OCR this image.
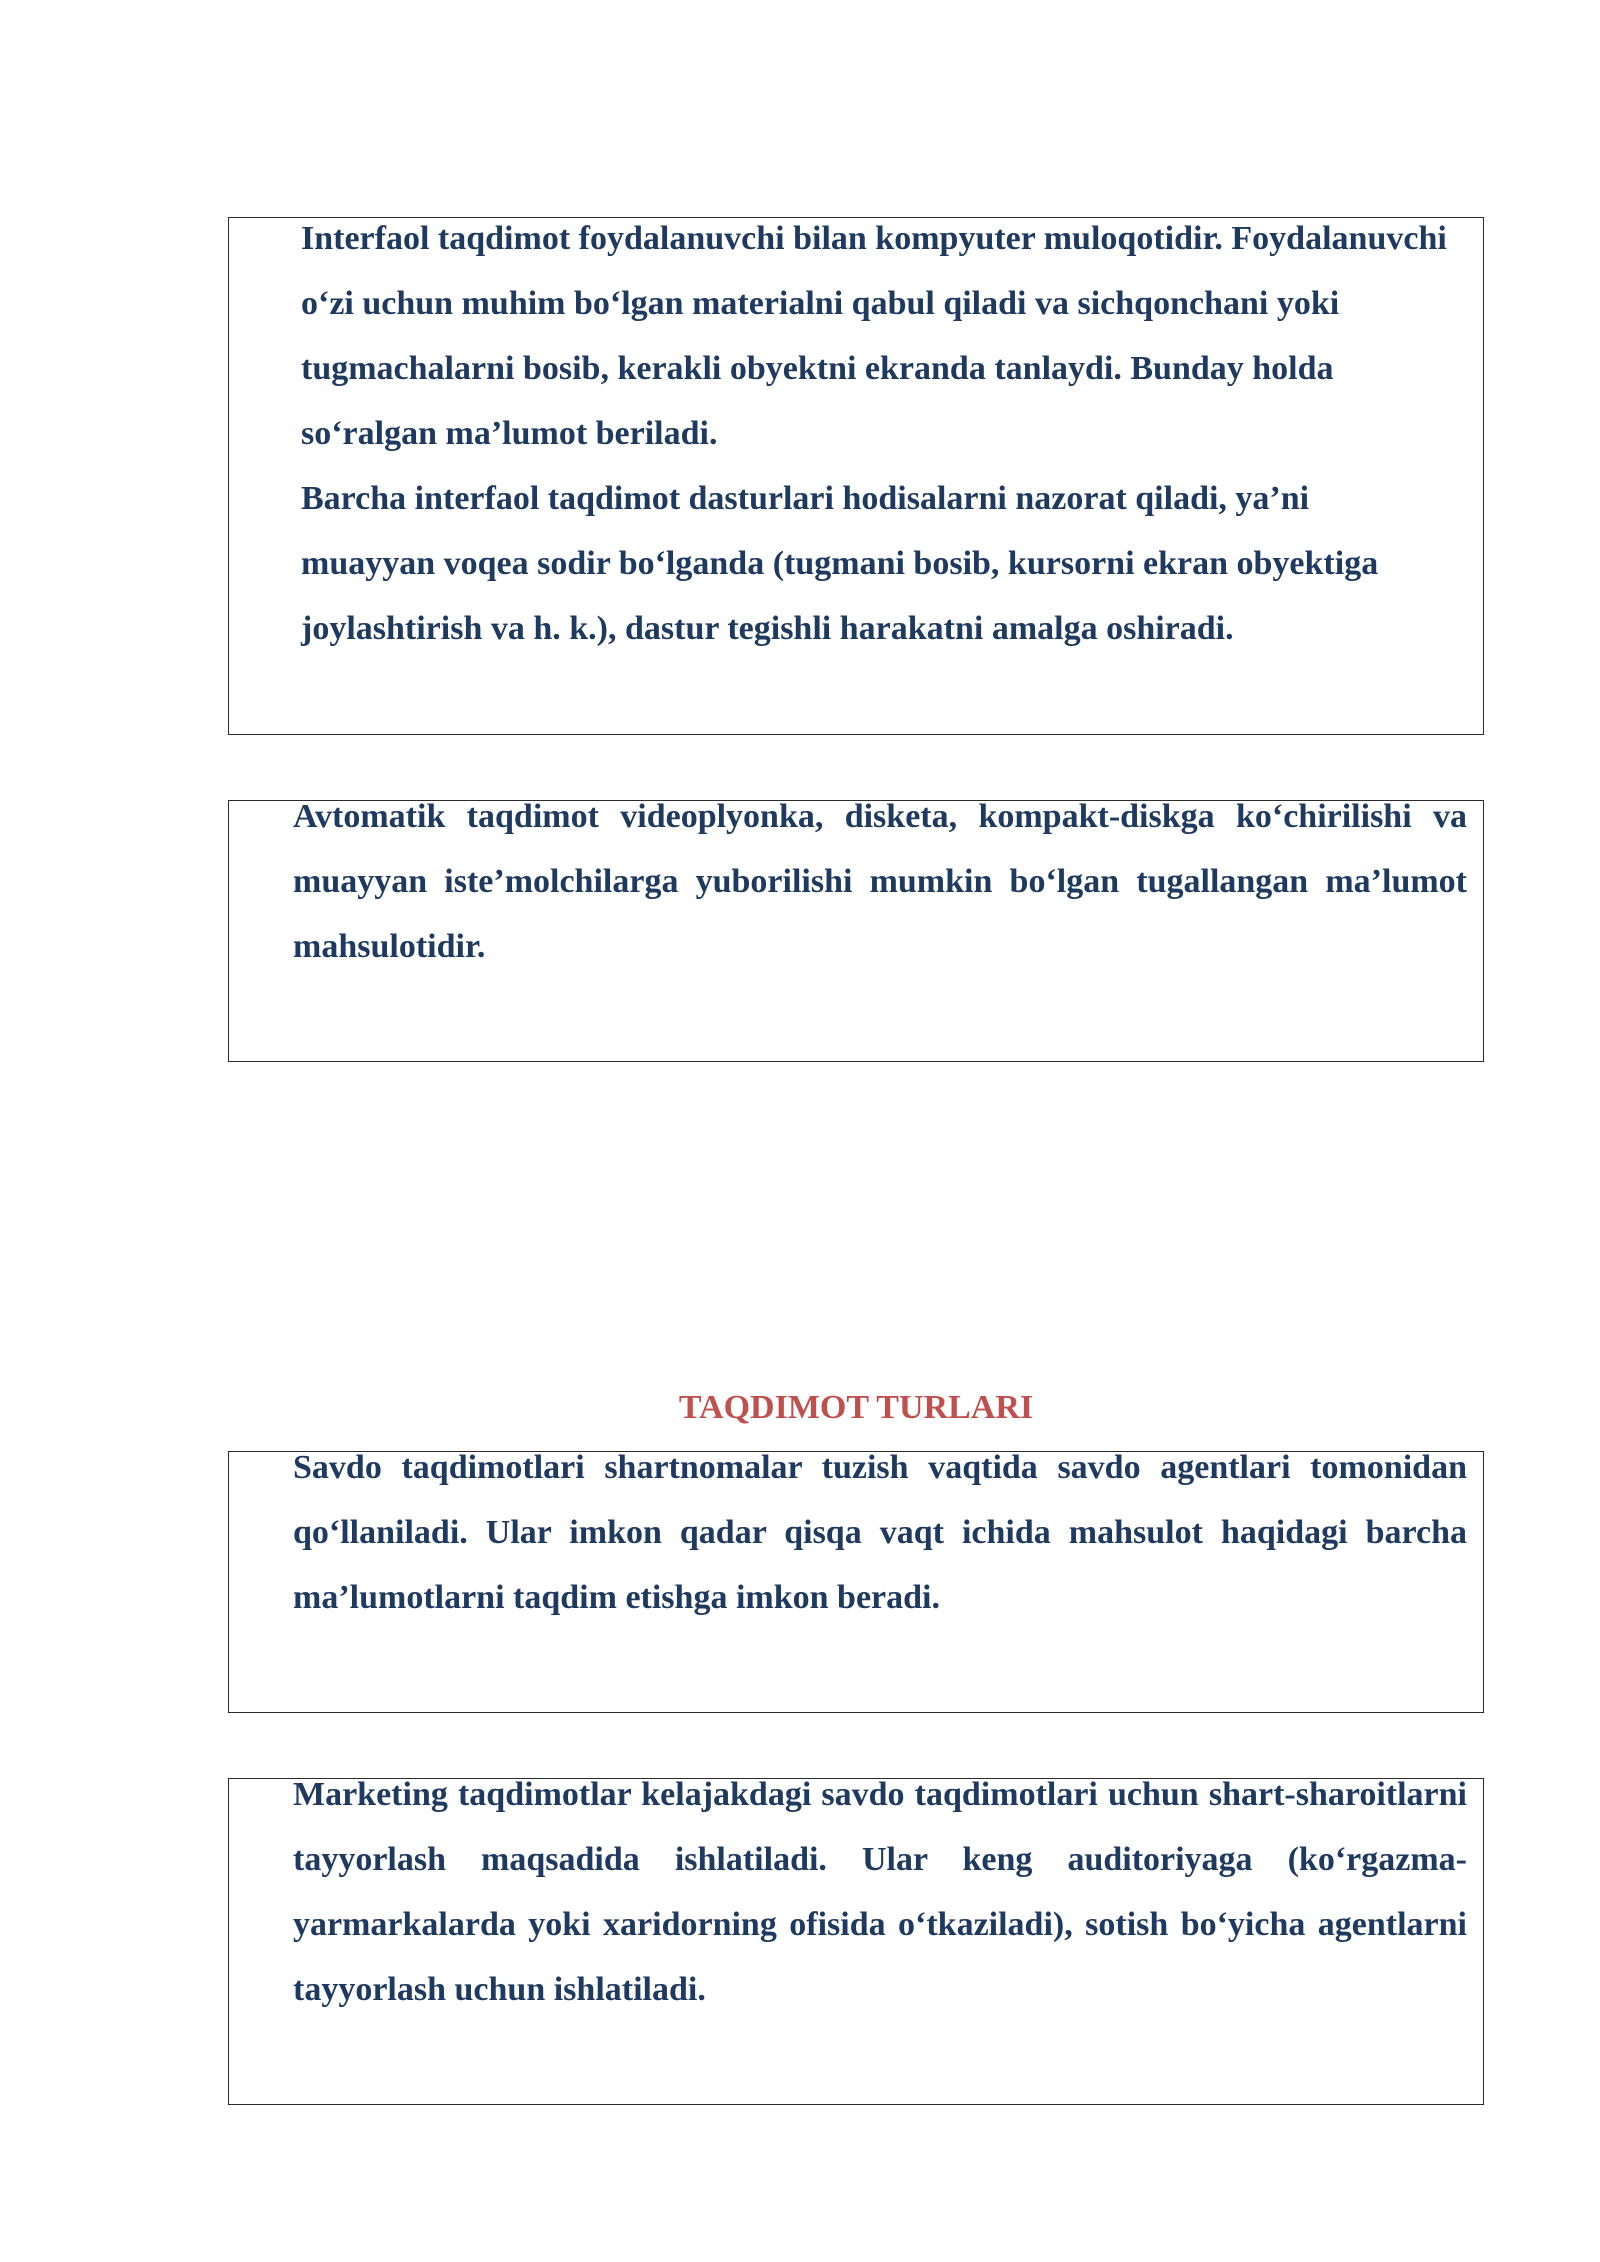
Interfaol taqdimot foydalanuvchi bilan kompyuter muloqotidir. Foydalanuvchi o‘zi uchun muhim bo‘lgan materialni qabul qiladi va sichqonchani yoki tugmachalarni bosib, kerakli obyektni ekranda tanlaydi. Bunday holda so‘ralgan ma’lumot beriladi.
Barcha interfaol taqdimot dasturlari hodisalarni nazorat qiladi, ya’ni muayyan voqea sodir bo‘lganda (tugmani bosib, kursorni ekran obyektiga joylashtirish va h. k.), dastur tegishli harakatni amalga oshiradi.

Avtomatik taqdimot videoplyonka, disketa, kompakt-diskga ko‘chirilishi va muayyan iste’molchilarga yuborilishi mumkin bo‘lgan tugallangan ma’lumot mahsulotidir.

TAQDIMOT TURLARI

Savdo taqdimotlari shartnomalar tuzish vaqtida savdo agentlari tomonidan qo‘llaniladi. Ular imkon qadar qisqa vaqt ichida mahsulot haqidagi barcha ma’lumotlarni taqdim etishga imkon beradi.

Marketing taqdimotlar kelajakdagi savdo taqdimotlari uchun shart-sharoitlarni tayyorlash maqsadida ishlatiladi. Ular keng auditoriyaga (ko‘rgazma-yarmarkalarda yoki xaridorning ofisida o‘tkaziladi), sotish bo‘yicha agentlarni tayyorlash uchun ishlatiladi.
